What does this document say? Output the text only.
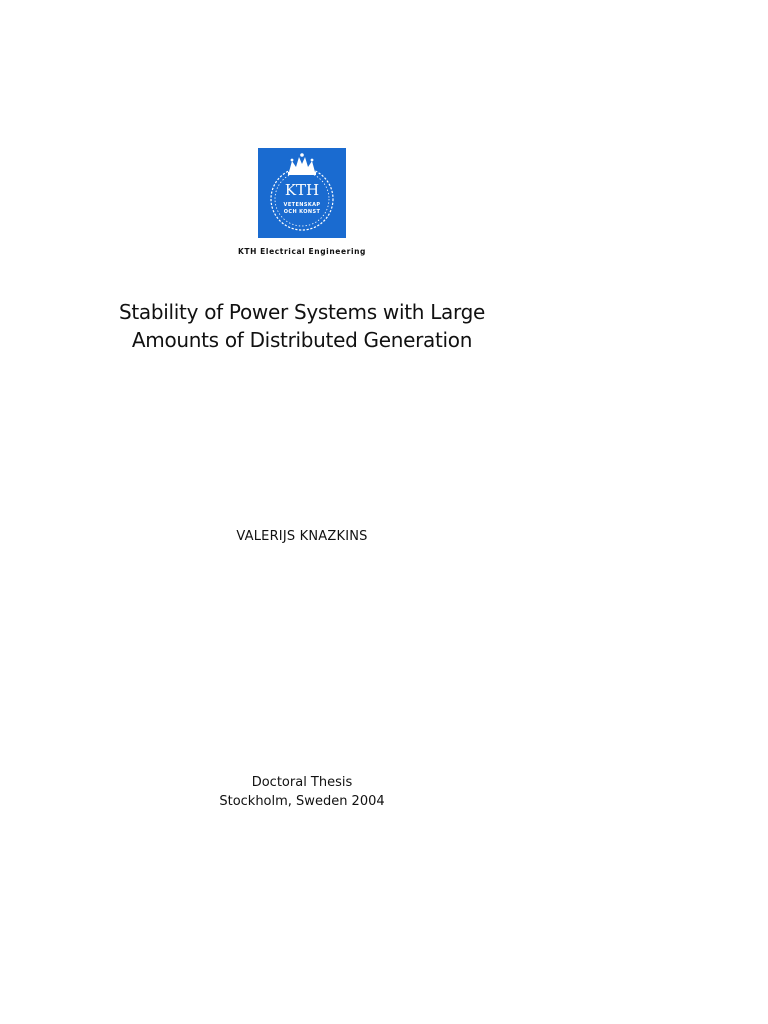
KTH
VETENSKAP
OCH KONST
KTH Electrical Engineering
Stability of Power Systems with Large
Amounts of Distributed Generation
VALERIJS KNAZKINS
Doctoral Thesis
Stockholm, Sweden 2004
